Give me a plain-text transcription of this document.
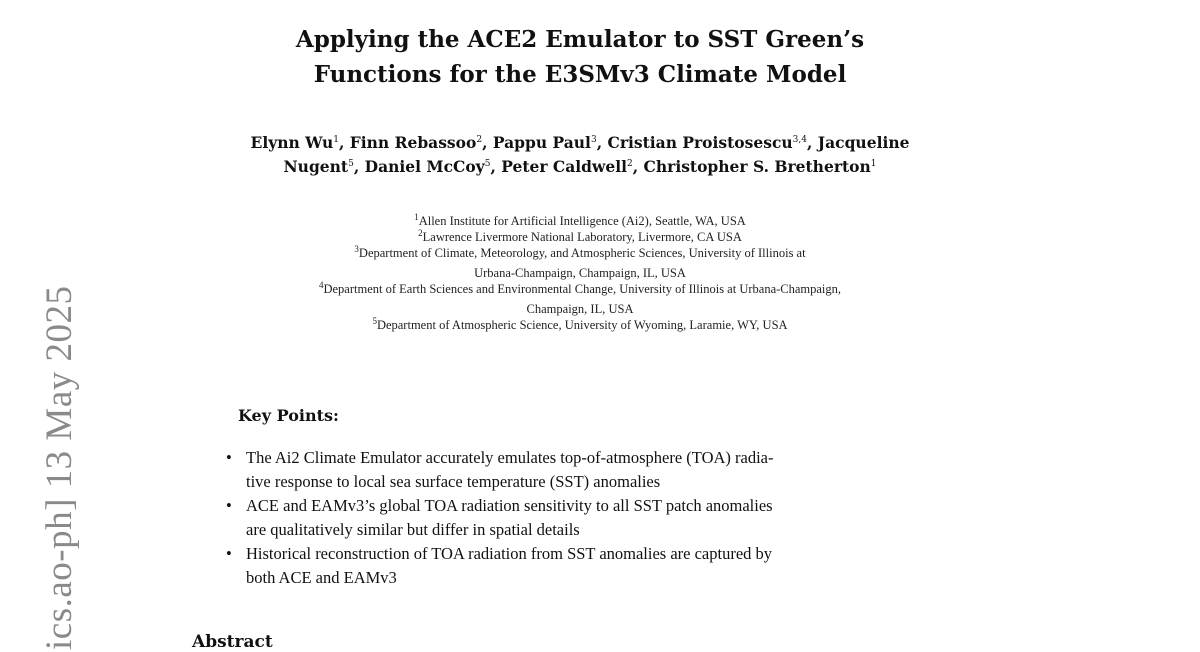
ics.ao-ph] 13 May 2025
Applying the ACE2 Emulator to SST Green’s
Functions for the E3SMv3 Climate Model
Elynn Wu$^1$, Finn Rebassoo$^2$, Pappu Paul$^3$, Cristian Proistosescu$^{3,4}$, Jacqueline
Nugent$^5$, Daniel McCoy$^5$, Peter Caldwell$^2$, Christopher S. Bretherton$^1$
$^1$Allen Institute for Artificial Intelligence (Ai2), Seattle, WA, USA
$^2$Lawrence Livermore National Laboratory, Livermore, CA USA
$^3$Department of Climate, Meteorology, and Atmospheric Sciences, University of Illinois at
Urbana-Champaign, Champaign, IL, USA
$^4$Department of Earth Sciences and Environmental Change, University of Illinois at Urbana-Champaign,
Champaign, IL, USA
$^5$Department of Atmospheric Science, University of Wyoming, Laramie, WY, USA
Key Points:
• The Ai2 Climate Emulator accurately emulates top-of-atmosphere (TOA) radia-
tive response to local sea surface temperature (SST) anomalies
• ACE and EAMv3’s global TOA radiation sensitivity to all SST patch anomalies
are qualitatively similar but differ in spatial details
• Historical reconstruction of TOA radiation from SST anomalies are captured by
both ACE and EAMv3
Abstract
